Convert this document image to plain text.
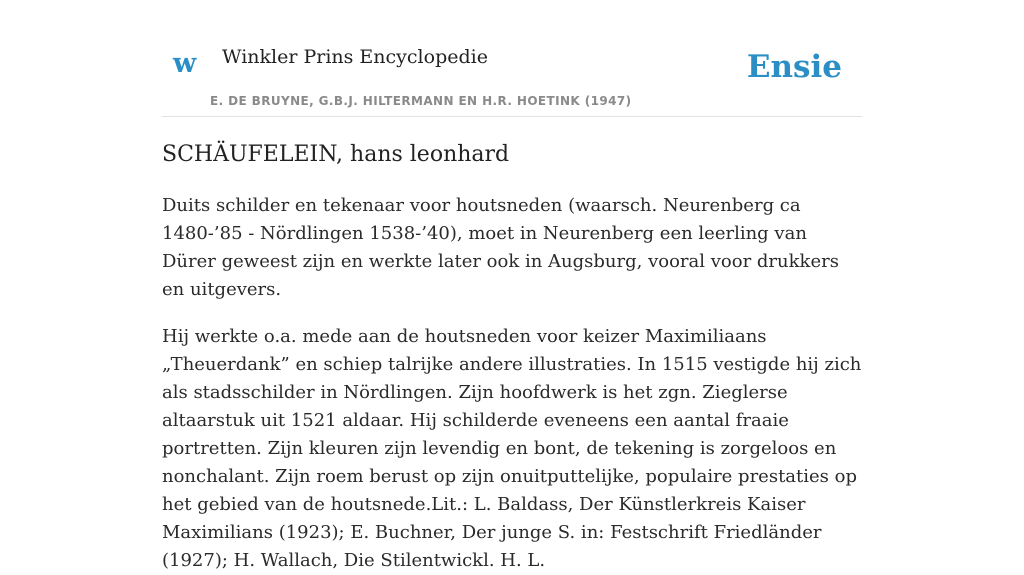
w Winkler Prins Encyclopedie
E. DE BRUYNE, G.B.J. HILTERMANN EN H.R. HOETINK (1947)
Ensie
SCHÄUFELEIN, hans leonhard

Duits schilder en tekenaar voor houtsneden (waarsch. Neurenberg ca 1480-’85 - Nördlingen 1538-’40), moet in Neurenberg een leerling van Dürer geweest zijn en werkte later ook in Augsburg, vooral voor drukkers en uitgevers.

Hij werkte o.a. mede aan de houtsneden voor keizer Maximiliaans „Theuerdank” en schiep talrijke andere illustraties. In 1515 vestigde hij zich als stadsschilder in Nördlingen. Zijn hoofdwerk is het zgn. Zieglerse altaarstuk uit 1521 aldaar. Hij schilderde eveneens een aantal fraaie portretten. Zijn kleuren zijn levendig en bont, de tekening is zorgeloos en nonchalant. Zijn roem berust op zijn onuitputtelijke, populaire prestaties op het gebied van de houtsnede.Lit.: L. Baldass, Der Künstlerkreis Kaiser Maximilians (1923); E. Buchner, Der junge S. in: Festschrift Friedländer (1927); H. Wallach, Die Stilentwickl. H. L.
